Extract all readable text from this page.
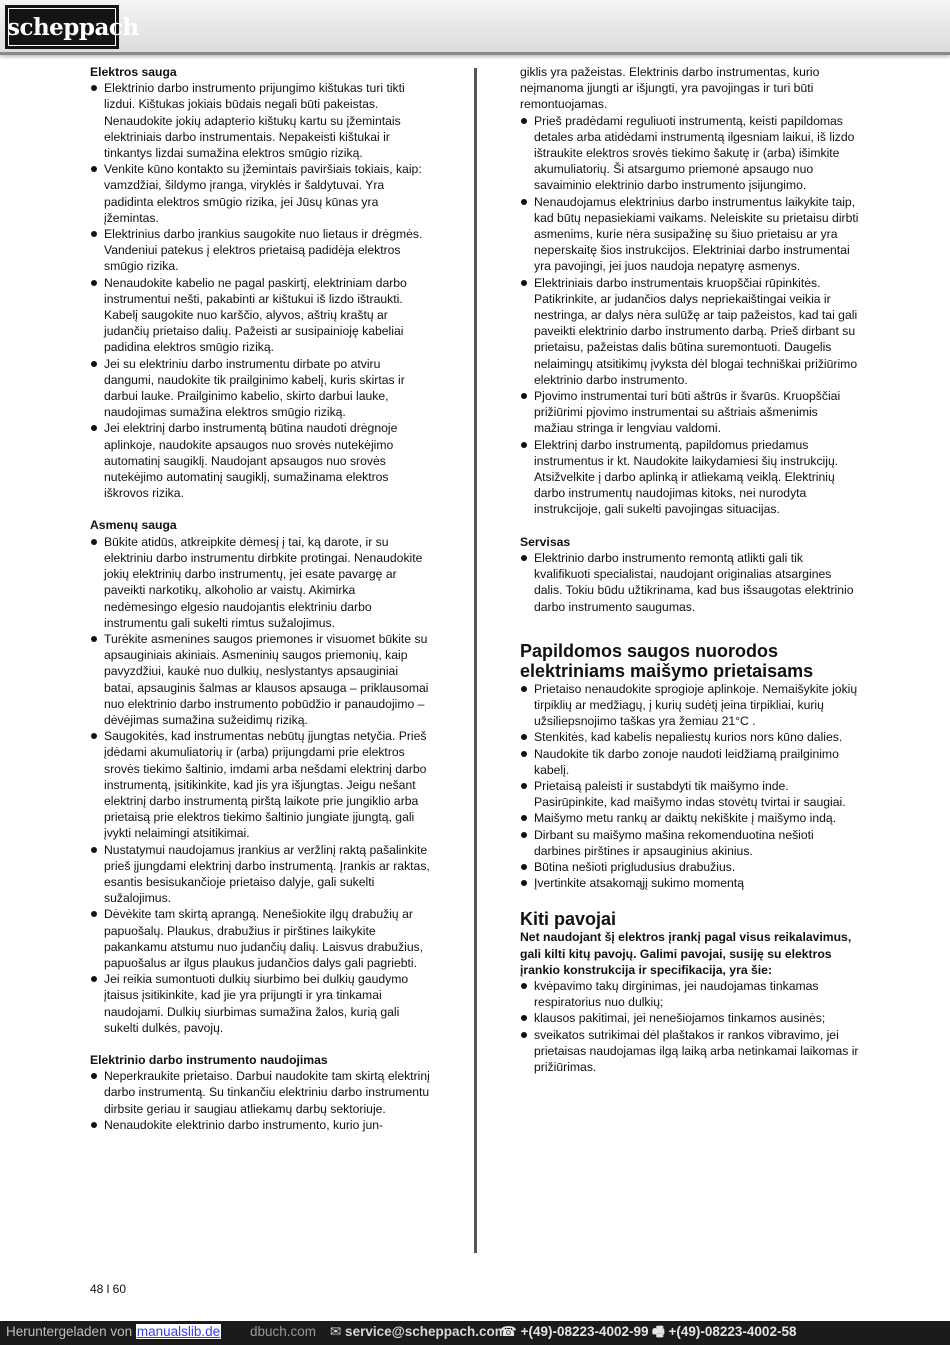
scheppach

Elektros sauga

Elektrinio darbo instrumento prijungimo kištukas turi tikti lizdui. Kištukas jokiais būdais negali būti pakeistas. Nenaudokite jokių adapterio kištukų kartu su įžemintais elektriniais darbo instrumentais. Nepakeisti kištukai ir tinkantys lizdai sumažina elektros smūgio riziką.
Venkite kūno kontakto su įžemintais paviršiais tokiais, kaip: vamzdžiai, šildymo įranga, viryklės ir šaldytuvai. Yra padidinta elektros smūgio rizika, jei Jūsų kūnas yra įžemintas.
Elektrinius darbo įrankius saugokite nuo lietaus ir drėgmės. Vandeniui patekus į elektros prietaisą padidėja elektros smūgio rizika.
Nenaudokite kabelio ne pagal paskirtį, elektriniam darbo instrumentui nešti, pakabinti ar kištukui iš lizdo ištraukti. Kabelį saugokite nuo karščio, alyvos, aštrių kraštų ar judančių prietaiso dalių. Pažeisti ar susipainioję kabeliai padidina elektros smūgio riziką.
Jei su elektriniu darbo instrumentu dirbate po atviru dangumi, naudokite tik prailginimo kabelį, kuris skirtas ir darbui lauke. Prailginimo kabelio, skirto darbui lauke, naudojimas sumažina elektros smūgio riziką.
Jei elektrinį darbo instrumentą būtina naudoti drėgnoje aplinkoje, naudokite apsaugos nuo srovės nutekėjimo automatinį saugiklį. Naudojant apsaugos nuo srovės nutekėjimo automatinį saugiklį, sumažinama elektros iškrovos rizika.

Asmenų sauga

Būkite atidūs, atkreipkite dėmesį į tai, ką darote, ir su elektriniu darbo instrumentu dirbkite protingai. Nenaudokite jokių elektrinių darbo instrumentų, jei esate pavargę ar paveikti narkotikų, alkoholio ar vaistų. Akimirka nedėmesingo elgesio naudojantis elektriniu darbo instrumentu gali sukelti rimtus sužalojimus.
Turėkite asmenines saugos priemones ir visuomet būkite su apsauginiais akiniais. Asmeninių saugos priemonių, kaip pavyzdžiui, kaukė nuo dulkių, neslystantys apsauginiai batai, apsauginis šalmas ar klausos apsauga – priklausomai nuo elektrinio darbo instrumento pobūdžio ir panaudojimo – dėvėjimas sumažina sužeidimų riziką.
Saugokitės, kad instrumentas nebūtų įjungtas netyčia. Prieš įdėdami akumuliatorių ir (arba) prijungdami prie elektros srovės tiekimo šaltinio, imdami arba nešdami elektrinį darbo instrumentą, įsitikinkite, kad jis yra išjungtas. Jeigu nešant elektrinį darbo instrumentą pirštą laikote prie jungiklio arba prietaisą prie elektros tiekimo šaltinio jungiate įjungtą, gali įvykti nelaimingi atsitikimai.
Nustatymui naudojamus įrankius ar veržlinį raktą pašalinkite prieš įjungdami elektrinį darbo instrumentą. Įrankis ar raktas, esantis besisukančioje prietaiso dalyje, gali sukelti sužalojimus.
Dėvėkite tam skirtą aprangą. Nenešiokite ilgų drabužių ar papuošalų. Plaukus, drabužius ir pirštines laikykite pakankamu atstumu nuo judančių dalių. Laisvus drabužius, papuošalus ar ilgus plaukus judančios dalys gali pagriebti.
Jei reikia sumontuoti dulkių siurbimo bei dulkių gaudymo įtaisus įsitikinkite, kad jie yra prijungti ir yra tinkamai naudojami. Dulkių siurbimas sumažina žalos, kurią gali sukelti dulkės, pavojų.

Elektrinio darbo instrumento naudojimas

Neperkraukite prietaiso. Darbui naudokite tam skirtą elektrinį darbo instrumentą. Su tinkančiu elektriniu darbo instrumentu dirbsite geriau ir saugiau atliekamų darbų sektoriuje.
Nenaudokite elektrinio darbo instrumento, kurio jun-

giklis yra pažeistas. Elektrinis darbo instrumentas, kurio neįmanoma įjungti ar išjungti, yra pavojingas ir turi būti remontuojamas.

Prieš pradėdami reguliuoti instrumentą, keisti papildomas detales arba atidėdami instrumentą ilgesniam laikui, iš lizdo ištraukite elektros srovės tiekimo šakutę ir (arba) išimkite akumuliatorių. Ši atsargumo priemonė apsaugo nuo savaiminio elektrinio darbo instrumento įsijungimo.
Nenaudojamus elektrinius darbo instrumentus laikykite taip, kad būtų nepasiekiami vaikams. Neleiskite su prietaisu dirbti asmenims, kurie nėra susipažinę su šiuo prietaisu ar yra neperskaitę šios instrukcijos. Elektriniai darbo instrumentai yra pavojingi, jei juos naudoja nepatyrę asmenys.
Elektriniais darbo instrumentais kruopščiai rūpinkitės. Patikrinkite, ar judančios dalys nepriekaištingai veikia ir nestringa, ar dalys nėra sulūžę ar taip pažeistos, kad tai gali paveikti elektrinio darbo instrumento darbą. Prieš dirbant su prietaisu, pažeistas dalis būtina suremontuoti. Daugelis nelaimingų atsitikimų įvyksta dėl blogai techniškai prižiūrimo elektrinio darbo instrumento.
Pjovimo instrumentai turi būti aštrūs ir švarūs. Kruopščiai prižiūrimi pjovimo instrumentai su aštriais ašmenimis mažiau stringa ir lengviau valdomi.
Elektrinį darbo instrumentą, papildomus priedamus instrumentus ir kt. Naudokite laikydamiesi šių instrukcijų. Atsižvelkite į darbo aplinką ir atliekamą veiklą. Elektrinių darbo instrumentų naudojimas kitoks, nei nurodyta instrukcijoje, gali sukelti pavojingas situacijas.

Servisas

Elektrinio darbo instrumento remontą atlikti gali tik kvalifikuoti specialistai, naudojant originalias atsargines dalis. Tokiu būdu užtikrinama, kad bus išsaugotas elektrinio darbo instrumento saugumas.

Papildomos saugos nuorodos elektriniams maišymo prietaisams

Prietaiso nenaudokite sprogioje aplinkoje. Nemaišykite jokių tirpiklių ar medžiagų, į kurių sudėtį įeina tirpikliai, kurių užsiliepsnojimo taškas yra žemiau 21°C .
Stenkitės, kad kabelis nepaliestų kurios nors kūno dalies.
Naudokite tik darbo zonoje naudoti leidžiamą prailginimo kabelį.
Prietaisą paleisti ir sustabdyti tik maišymo inde. Pasirūpinkite, kad maišymo indas stovėtų tvirtai ir saugiai.
Maišymo metu rankų ar daiktų nekiškite į maišymo indą.
Dirbant su maišymo mašina rekomenduotina nešioti darbines pirštines ir apsauginius akinius.
Būtina nešioti prigludusius drabužius.
Įvertinkite atsakomąjį sukimo momentą

Kiti pavojai

Net naudojant šį elektros įrankį pagal visus reikalavimus, gali kilti kitų pavojų. Galimi pavojai, susiję su elektros įrankio konstrukcija ir specifikacija, yra šie:

kvėpavimo takų dirginimas, jei naudojamas tinkamas respiratorius nuo dulkių;
klausos pakitimai, jei nenešiojamos tinkamos ausinės;
sveikatos sutrikimai dėl plaštakos ir rankos vibravimo, jei prietaisas naudojamas ilgą laiką arba netinkamai laikomas ir prižiūrimas.
48 l 60
Heruntergeladen von manualslib.de dbuch.com ✉ service@scheppach.com
☎ +(49)-08223-4002-99 🖷 +(49)-08223-4002-58
